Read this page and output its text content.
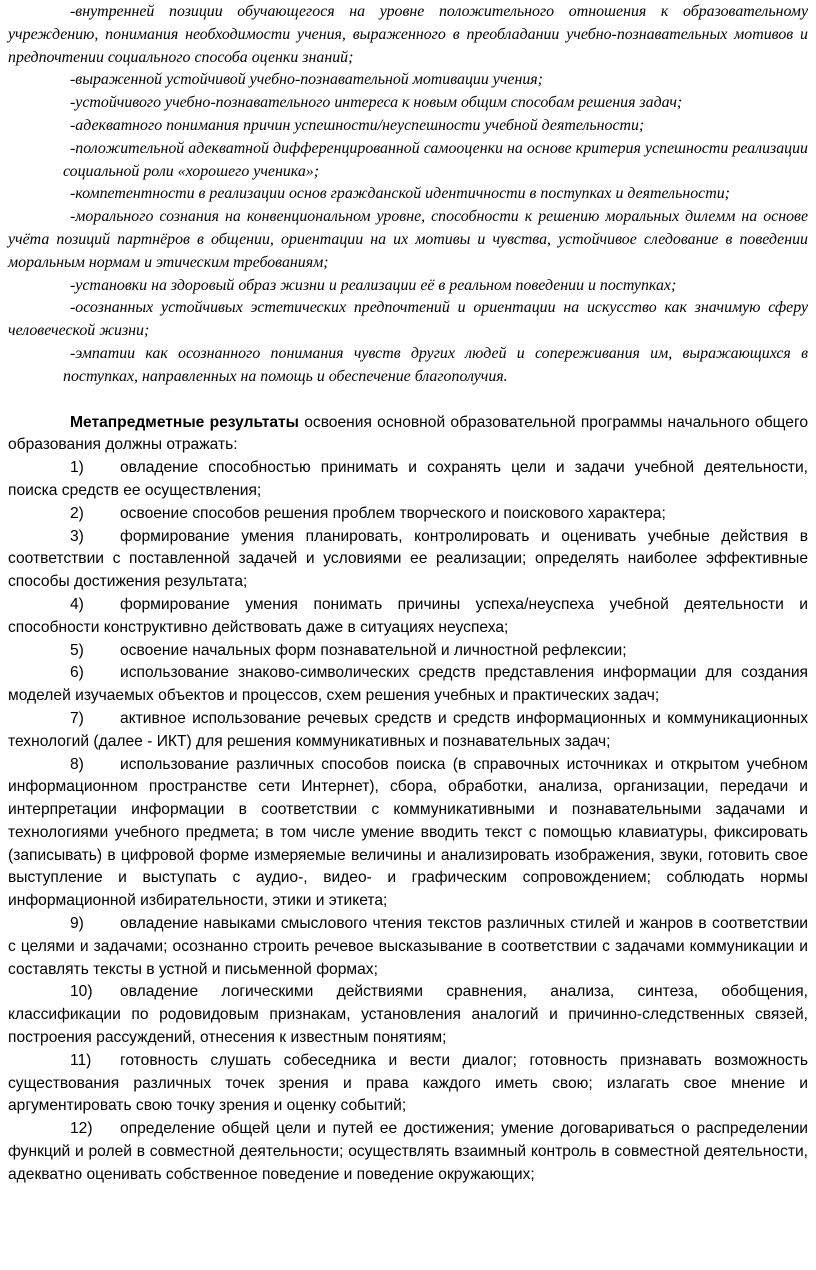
-внутренней позиции обучающегося на уровне положительного отношения к образовательному учреждению, понимания необходимости учения, выраженного в преобладании учебно-познавательных мотивов и предпочтении социального способа оценки знаний;

-выраженной устойчивой учебно-познавательной мотивации учения;

-устойчивого учебно-познавательного интереса к новым общим способам решения задач;

-адекватного понимания причин успешности/неуспешности учебной деятельности;

-положительной адекватной дифференцированной самооценки на основе критерия успешности реализации социальной роли «хорошего ученика»;

-компетентности в реализации основ гражданской идентичности в поступках и деятельности;

-морального сознания на конвенциональном уровне, способности к решению моральных дилемм на основе учёта позиций партнёров в общении, ориентации на их мотивы и чувства, устойчивое следование в поведении моральным нормам и этическим требованиям;

-установки на здоровый образ жизни и реализации её в реальном поведении и поступках;

-осознанных устойчивых эстетических предпочтений и ориентации на искусство как значимую сферу человеческой жизни;

-эмпатии как осознанного понимания чувств других людей и сопереживания им, выражающихся в поступках, направленных на помощь и обеспечение благополучия.

Метапредметные результаты освоения основной образовательной программы начального общего образования должны отражать:

1) овладение способностью принимать и сохранять цели и задачи учебной деятельности, поиска средств ее осуществления;

2) освоение способов решения проблем творческого и поискового характера;

3) формирование умения планировать, контролировать и оценивать учебные действия в соответствии с поставленной задачей и условиями ее реализации; определять наиболее эффективные способы достижения результата;

4) формирование умения понимать причины успеха/неуспеха учебной деятельности и способности конструктивно действовать даже в ситуациях неуспеха;

5) освоение начальных форм познавательной и личностной рефлексии;

6) использование знаково-символических средств представления информации для создания моделей изучаемых объектов и процессов, схем решения учебных и практических задач;

7) активное использование речевых средств и средств информационных и коммуникационных технологий (далее - ИКТ) для решения коммуникативных и познавательных задач;

8) использование различных способов поиска (в справочных источниках и открытом учебном информационном пространстве сети Интернет), сбора, обработки, анализа, организации, передачи и интерпретации информации в соответствии с коммуникативными и познавательными задачами и технологиями учебного предмета; в том числе умение вводить текст с помощью клавиатуры, фиксировать (записывать) в цифровой форме измеряемые величины и анализировать изображения, звуки, готовить свое выступление и выступать с аудио-, видео- и графическим сопровождением; соблюдать нормы информационной избирательности, этики и этикета;

9) овладение навыками смыслового чтения текстов различных стилей и жанров в соответствии с целями и задачами; осознанно строить речевое высказывание в соответствии с задачами коммуникации и составлять тексты в устной и письменной формах;

10) овладение логическими действиями сравнения, анализа, синтеза, обобщения, классификации по родовидовым признакам, установления аналогий и причинно-следственных связей, построения рассуждений, отнесения к известным понятиям;

11) готовность слушать собеседника и вести диалог; готовность признавать возможность существования различных точек зрения и права каждого иметь свою; излагать свое мнение и аргументировать свою точку зрения и оценку событий;

12) определение общей цели и путей ее достижения; умение договариваться о распределении функций и ролей в совместной деятельности; осуществлять взаимный контроль в совместной деятельности, адекватно оценивать собственное поведение и поведение окружающих;
